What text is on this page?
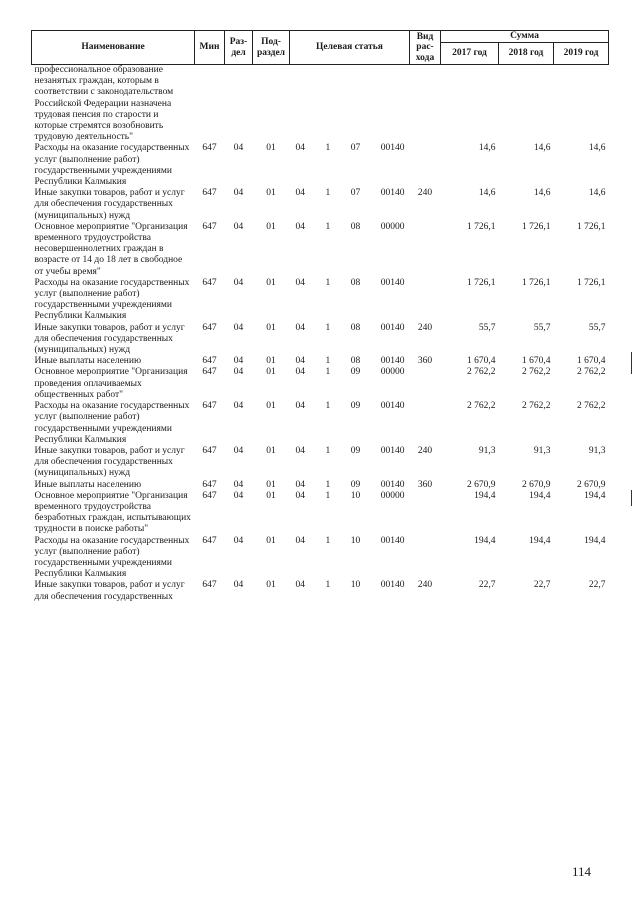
Наименование	Мин	Раз-дел	Под-раздел	Целевая статья	Вид рас-хода	Сумма		
						2017 год	2018 год	2019 год
профессиональное образование незанятых граждан, которым в соответствии с законодательством Российской Федерации назначена трудовая пенсия по старости и которые стремятся возобновить трудовую деятельность"				

Расходы на оказание государственных услуг (выполнение работ) государственными учреждениями Республики Калмыкия	647	04	01	04 1 07 00140		14,6	14,6	14,6
Иные закупки товаров, работ и услуг для обеспечения государственных (муниципальных) нужд	647	04	01	04 1 07 00140	240	14,6	14,6	14,6
Основное мероприятие "Организация временного трудоустройства несовершеннолетних граждан в возрасте от 14 до 18 лет в свободное от учебы время"	647	04	01	04 1 08 00000		1 726,1	1 726,1	1 726,1
Расходы на оказание государственных услуг (выполнение работ) государственными учреждениями Республики Калмыкия	647	04	01	04 1 08 00140		1 726,1	1 726,1	1 726,1
Иные закупки товаров, работ и услуг для обеспечения государственных (муниципальных) нужд	647	04	01	04 1 08 00140	240	55,7	55,7	55,7
Иные выплаты населению	647	04	01	04 1 08 00140	360	1 670,4	1 670,4	1 670,4
Основное мероприятие "Организация проведения оплачиваемых общественных работ"	647	04	01	04 1 09 00000		2 762,2	2 762,2	2 762,2
Расходы на оказание государственных услуг (выполнение работ) государственными учреждениями Республики Калмыкия	647	04	01	04 1 09 00140		2 762,2	2 762,2	2 762,2
Иные закупки товаров, работ и услуг для обеспечения государственных (муниципальных) нужд	647	04	01	04 1 09 00140	240	91,3	91,3	91,3
Иные выплаты населению	647	04	01	04 1 09 00140	360	2 670,9	2 670,9	2 670,9
Основное мероприятие "Организация временного трудоустройства безработных граждан, испытывающих трудности в поиске работы"	647	04	01	04 1 10 00000		194,4	194,4	194,4
Расходы на оказание государственных услуг (выполнение работ) государственными учреждениями Республики Калмыкия	647	04	01	04 1 10 00140		194,4	194,4	194,4
Иные закупки товаров, работ и услуг для обеспечения государственных	647	04	01	04 1 10 00140	240	22,7	22,7	22,7
114
